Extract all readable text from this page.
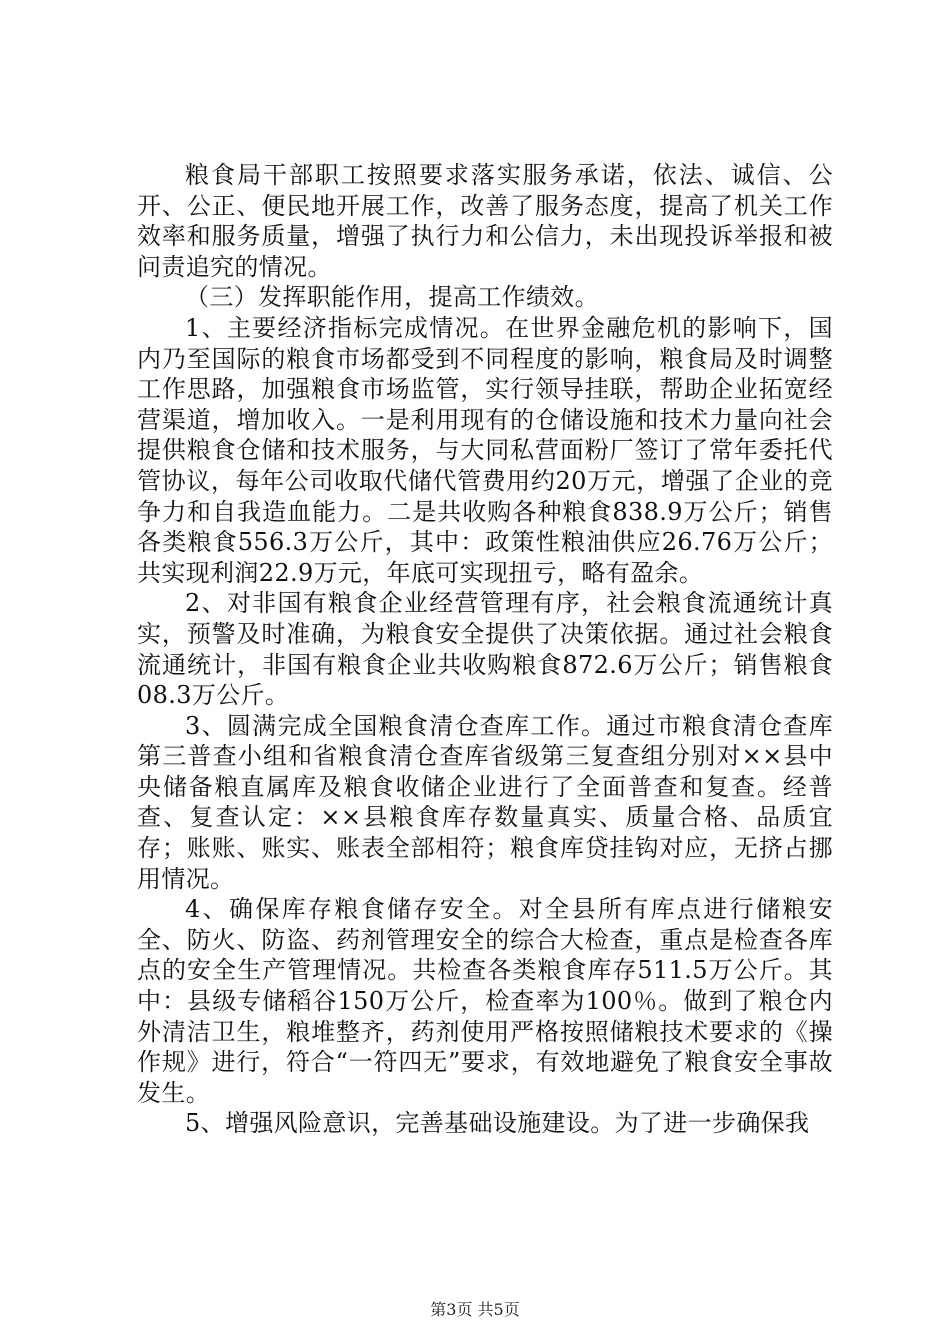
粮食局干部职工按照要求落实服务承诺，依法、诚信、公开、公正、便民地开展工作，改善了服务态度，提高了机关工作效率和服务质量，增强了执行力和公信力，未出现投诉举报和被问责追究的情况。

（三）发挥职能作用，提高工作绩效。

1、主要经济指标完成情况。在世界金融危机的影响下，国内乃至国际的粮食市场都受到不同程度的影响，粮食局及时调整工作思路，加强粮食市场监管，实行领导挂联，帮助企业拓宽经营渠道，增加收入。一是利用现有的仓储设施和技术力量向社会提供粮食仓储和技术服务，与大同私营面粉厂签订了常年委托代管协议，每年公司收取代储代管费用约20万元，增强了企业的竞争力和自我造血能力。二是共收购各种粮食838.9万公斤；销售各类粮食556.3万公斤，其中：政策性粮油供应26.76万公斤；共实现利润22.9万元，年底可实现扭亏，略有盈余。

2、对非国有粮食企业经营管理有序，社会粮食流通统计真实，预警及时准确，为粮食安全提供了决策依据。通过社会粮食流通统计，非国有粮食企业共收购粮食872.6万公斤；销售粮食08.3万公斤。

3、圆满完成全国粮食清仓查库工作。通过市粮食清仓查库第三普查小组和省粮食清仓查库省级第三复查组分别对××县中央储备粮直属库及粮食收储企业进行了全面普查和复查。经普查、复查认定：××县粮食库存数量真实、质量合格、品质宜存；账账、账实、账表全部相符；粮食库贷挂钩对应，无挤占挪用情况。

4、确保库存粮食储存安全。对全县所有库点进行储粮安全、防火、防盗、药剂管理安全的综合大检查，重点是检查各库点的安全生产管理情况。共检查各类粮食库存511.5万公斤。其中：县级专储稻谷150万公斤，检查率为100％。做到了粮仓内外清洁卫生，粮堆整齐，药剂使用严格按照储粮技术要求的《操作规》进行，符合“一符四无”要求，有效地避免了粮食安全事故发生。

5、增强风险意识，完善基础设施建设。为了进一步确保我

第3页 共5页
